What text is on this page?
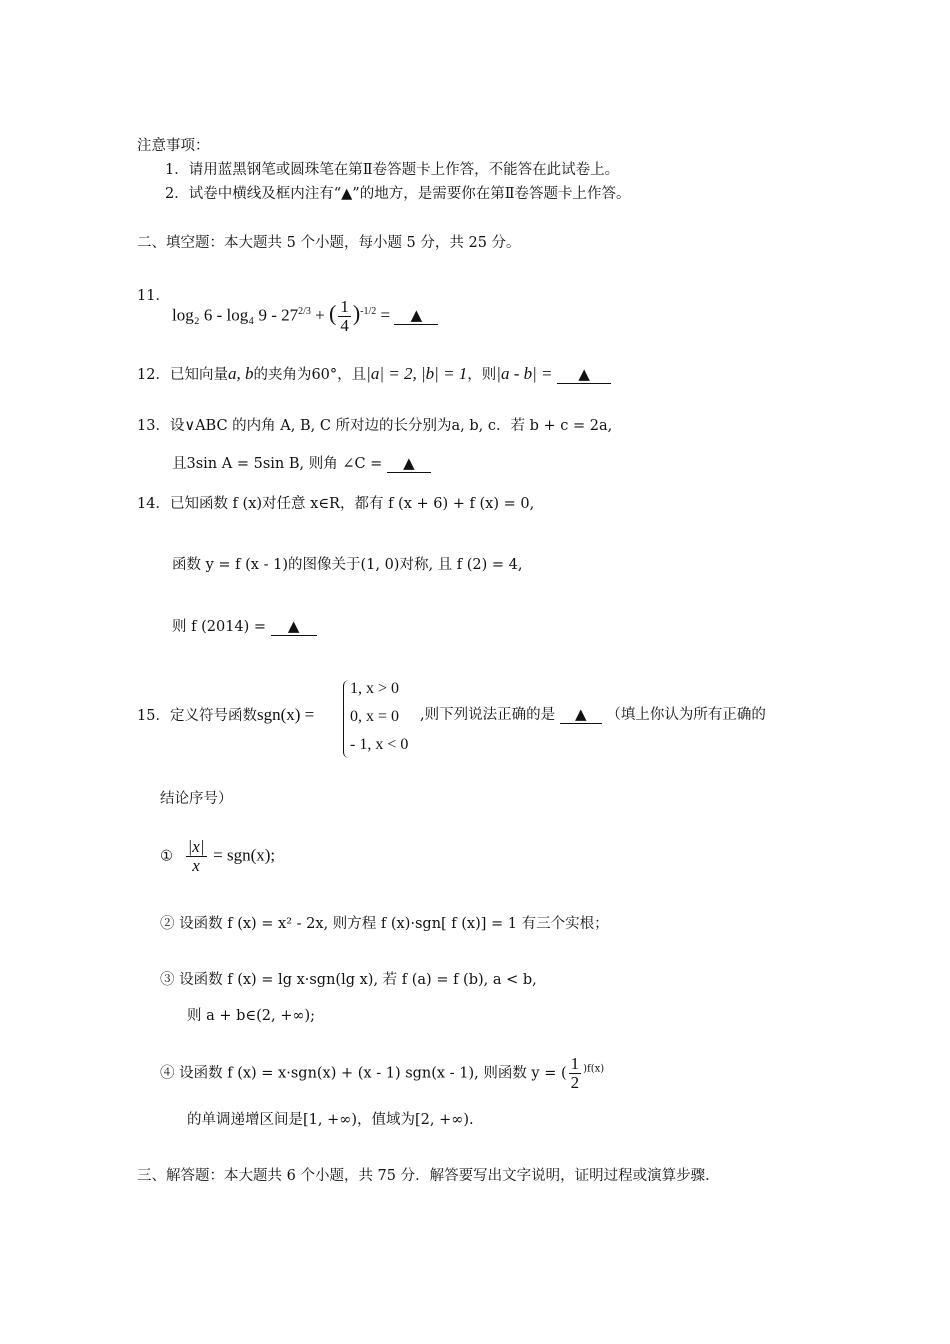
注意事项：
1．请用蓝黑钢笔或圆珠笔在第Ⅱ卷答题卡上作答，不能答在此试卷上。
2．试卷中横线及框内注有“▲”的地方，是需要你在第Ⅱ卷答题卡上作答。
二、填空题：本大题共 5 个小题，每小题 5 分，共 25 分。
11．
log₂ 6 - log₄ $9 - 27^{2/3}$ + ( $\frac{1}{4} )^{-1/2}$ = ▲
12．已知向量a, b的夹角为60°，且|a| = 2, |b| = 1，则|a - b| = ▲
13．设∨ABC 的内角 A, B, C 所对边的长分别为a, b, c．若 b + c = 2a,
且3sin A = 5sin B, 则角 ∠C = ▲
14．已知函数 f (x)对任意 x∈R，都有 f (x + 6) + f (x) = 0,
函数 y = f (x - 1)的图像关于(1, 0)对称, 且 f (2) = 4,
则 f (2014) = ▲
15．定义符号函数sgn(x) =
1, x > 0
0, x = 0
- 1, x < 0
,则下列说法正确的是 ▲ （填上你认为所有正确的
结论序号）
① $\frac{|x|}{x} = sgn(x)$;
② 设函数 f (x) = x² - 2x, 则方程 f (x)·sgn[ f (x)] = 1 有三个实根；
③ 设函数 f (x) = lg x·sgn(lg x), 若 f (a) = f (b), a < b,
则 a + b∈(2, +∞);
④ 设函数 f (x) = x·sgn(x) + (x - 1) sgn(x - 1), 则函数 y = ( $\frac{1}{2} ^{)f(x)}$
的单调递增区间是[1, +∞)，值域为[2, +∞).
三、解答题：本大题共 6 个小题，共 75 分．解答要写出文字说明，证明过程或演算步骤．
